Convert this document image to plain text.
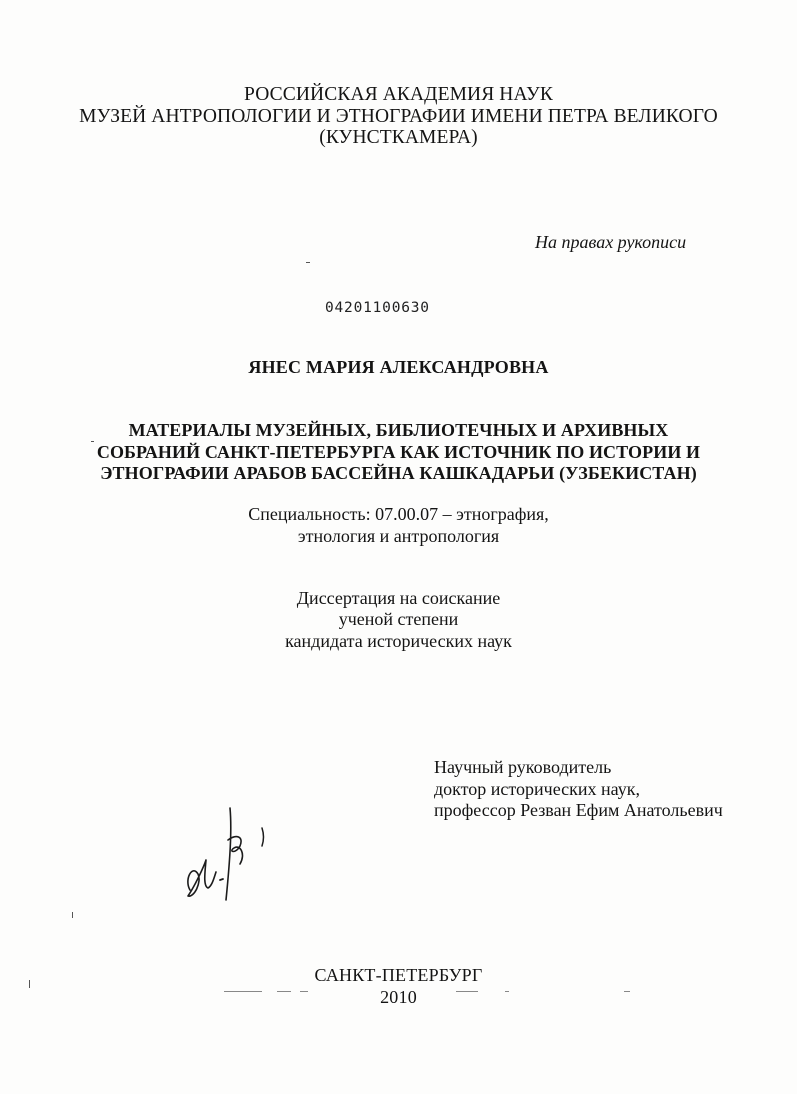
РОССИЙСКАЯ АКАДЕМИЯ НАУК
МУЗЕЙ АНТРОПОЛОГИИ И ЭТНОГРАФИИ ИМЕНИ ПЕТРА ВЕЛИКОГО
(КУНСТКАМЕРА)
На правах рукописи
04201100630
ЯНЕС МАРИЯ АЛЕКСАНДРОВНА
МАТЕРИАЛЫ МУЗЕЙНЫХ, БИБЛИОТЕЧНЫХ И АРХИВНЫХ
СОБРАНИЙ САНКТ-ПЕТЕРБУРГА КАК ИСТОЧНИК ПО ИСТОРИИ И
ЭТНОГРАФИИ АРАБОВ БАССЕЙНА КАШКАДАРЬИ (УЗБЕКИСТАН)
Специальность: 07.00.07 – этнография,
этнология и антропология
Диссертация на соискание
ученой степени
кандидата исторических наук
Научный руководитель
доктор исторических наук,
профессор Резван Ефим Анатольевич
САНКТ-ПЕТЕРБУРГ
2010
